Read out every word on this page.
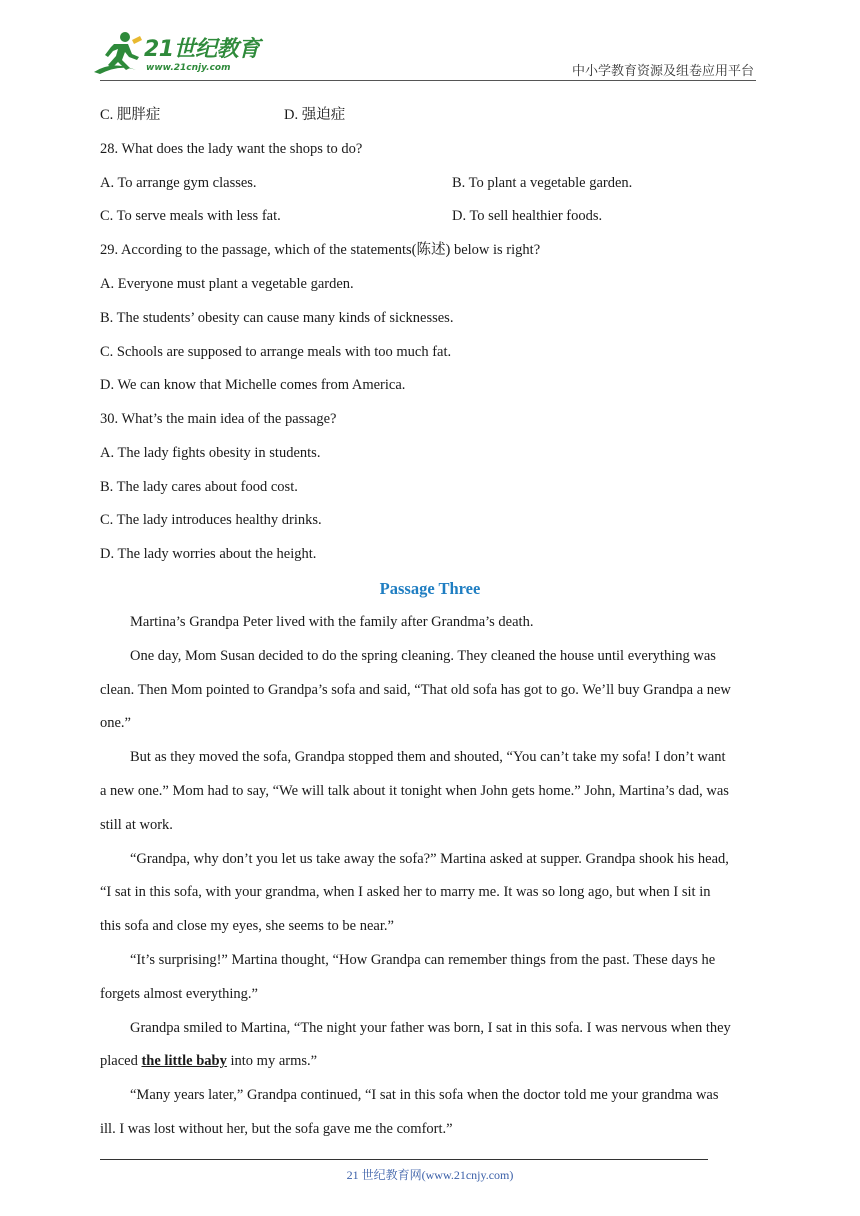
21世纪教育
www.21cnjy.com	中小学教育资源及组卷应用平台
C. 肥胖症	D. 强迫症
28. What does the lady want the shops to do?
A. To arrange gym classes.	B. To plant a vegetable garden.
C. To serve meals with less fat.	D. To sell healthier foods.
29. According to the passage, which of the statements(陈述) below is right?
A. Everyone must plant a vegetable garden.
B. The students’ obesity can cause many kinds of sicknesses.
C. Schools are supposed to arrange meals with too much fat.
D. We can know that Michelle comes from America.
30. What’s the main idea of the passage?
A. The lady fights obesity in students.
B. The lady cares about food cost.
C. The lady introduces healthy drinks.
D. The lady worries about the height.
Passage Three
Martina’s Grandpa Peter lived with the family after Grandma’s death.
One day, Mom Susan decided to do the spring cleaning. They cleaned the house until everything was
clean. Then Mom pointed to Grandpa’s sofa and said, “That old sofa has got to go. We’ll buy Grandpa a new
one.”
But as they moved the sofa, Grandpa stopped them and shouted, “You can’t take my sofa! I don’t want
a new one.” Mom had to say, “We will talk about it tonight when John gets home.” John, Martina’s dad, was
still at work.
“Grandpa, why don’t you let us take away the sofa?” Martina asked at supper. Grandpa shook his head,
“I sat in this sofa, with your grandma, when I asked her to marry me. It was so long ago, but when I sit in
this sofa and close my eyes, she seems to be near.”
“It’s surprising!” Martina thought, “How Grandpa can remember things from the past. These days he
forgets almost everything.”
Grandpa smiled to Martina, “The night your father was born, I sat in this sofa. I was nervous when they
placed the little baby into my arms.”
“Many years later,” Grandpa continued, “I sat in this sofa when the doctor told me your grandma was
ill. I was lost without her, but the sofa gave me the comfort.”
21 世纪教育网(www.21cnjy.com)
